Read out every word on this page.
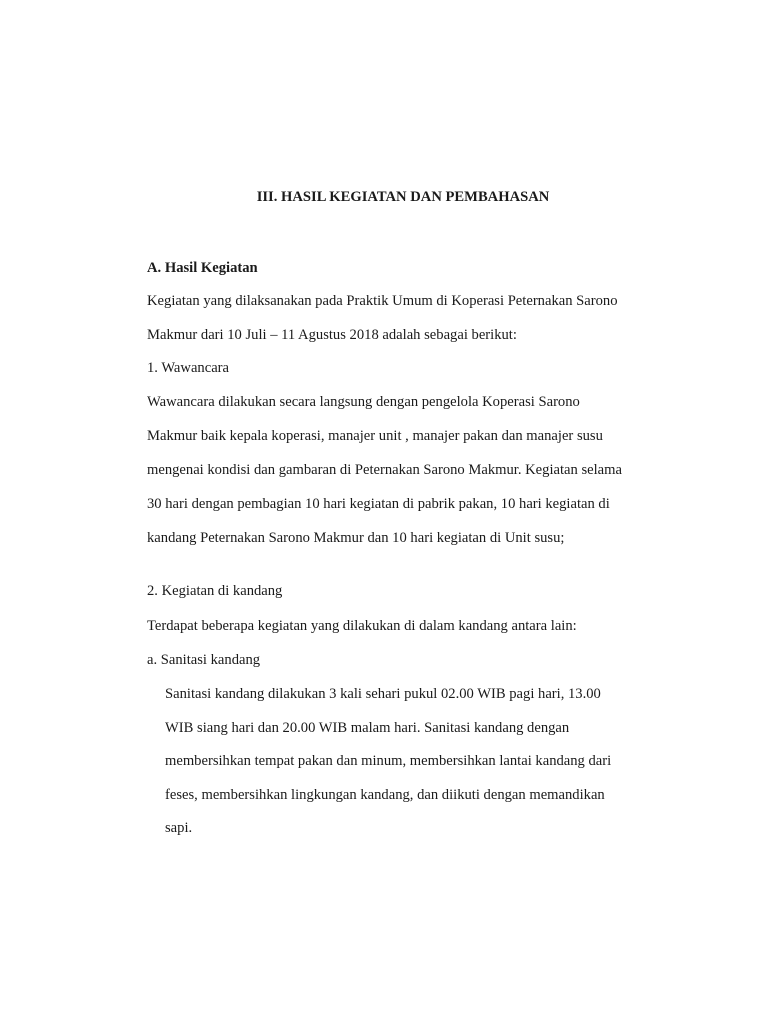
III. HASIL KEGIATAN DAN PEMBAHASAN
A. Hasil Kegiatan
Kegiatan yang dilaksanakan pada Praktik Umum di Koperasi Peternakan Sarono
Makmur dari 10 Juli – 11 Agustus 2018 adalah sebagai berikut:
1. Wawancara
Wawancara dilakukan secara langsung dengan pengelola Koperasi Sarono
Makmur baik kepala koperasi, manajer unit , manajer pakan dan manajer susu
mengenai kondisi dan gambaran di Peternakan Sarono Makmur. Kegiatan selama
30 hari dengan pembagian 10 hari kegiatan di pabrik pakan, 10 hari kegiatan di
kandang Peternakan Sarono Makmur dan 10 hari kegiatan di Unit susu;
2. Kegiatan di kandang
Terdapat beberapa kegiatan yang dilakukan di dalam kandang antara lain:
a. Sanitasi kandang
Sanitasi kandang dilakukan 3 kali sehari pukul 02.00 WIB pagi hari, 13.00
WIB siang hari dan 20.00 WIB malam hari. Sanitasi kandang dengan
membersihkan tempat pakan dan minum, membersihkan lantai kandang dari
feses, membersihkan lingkungan kandang, dan diikuti dengan memandikan
sapi.
